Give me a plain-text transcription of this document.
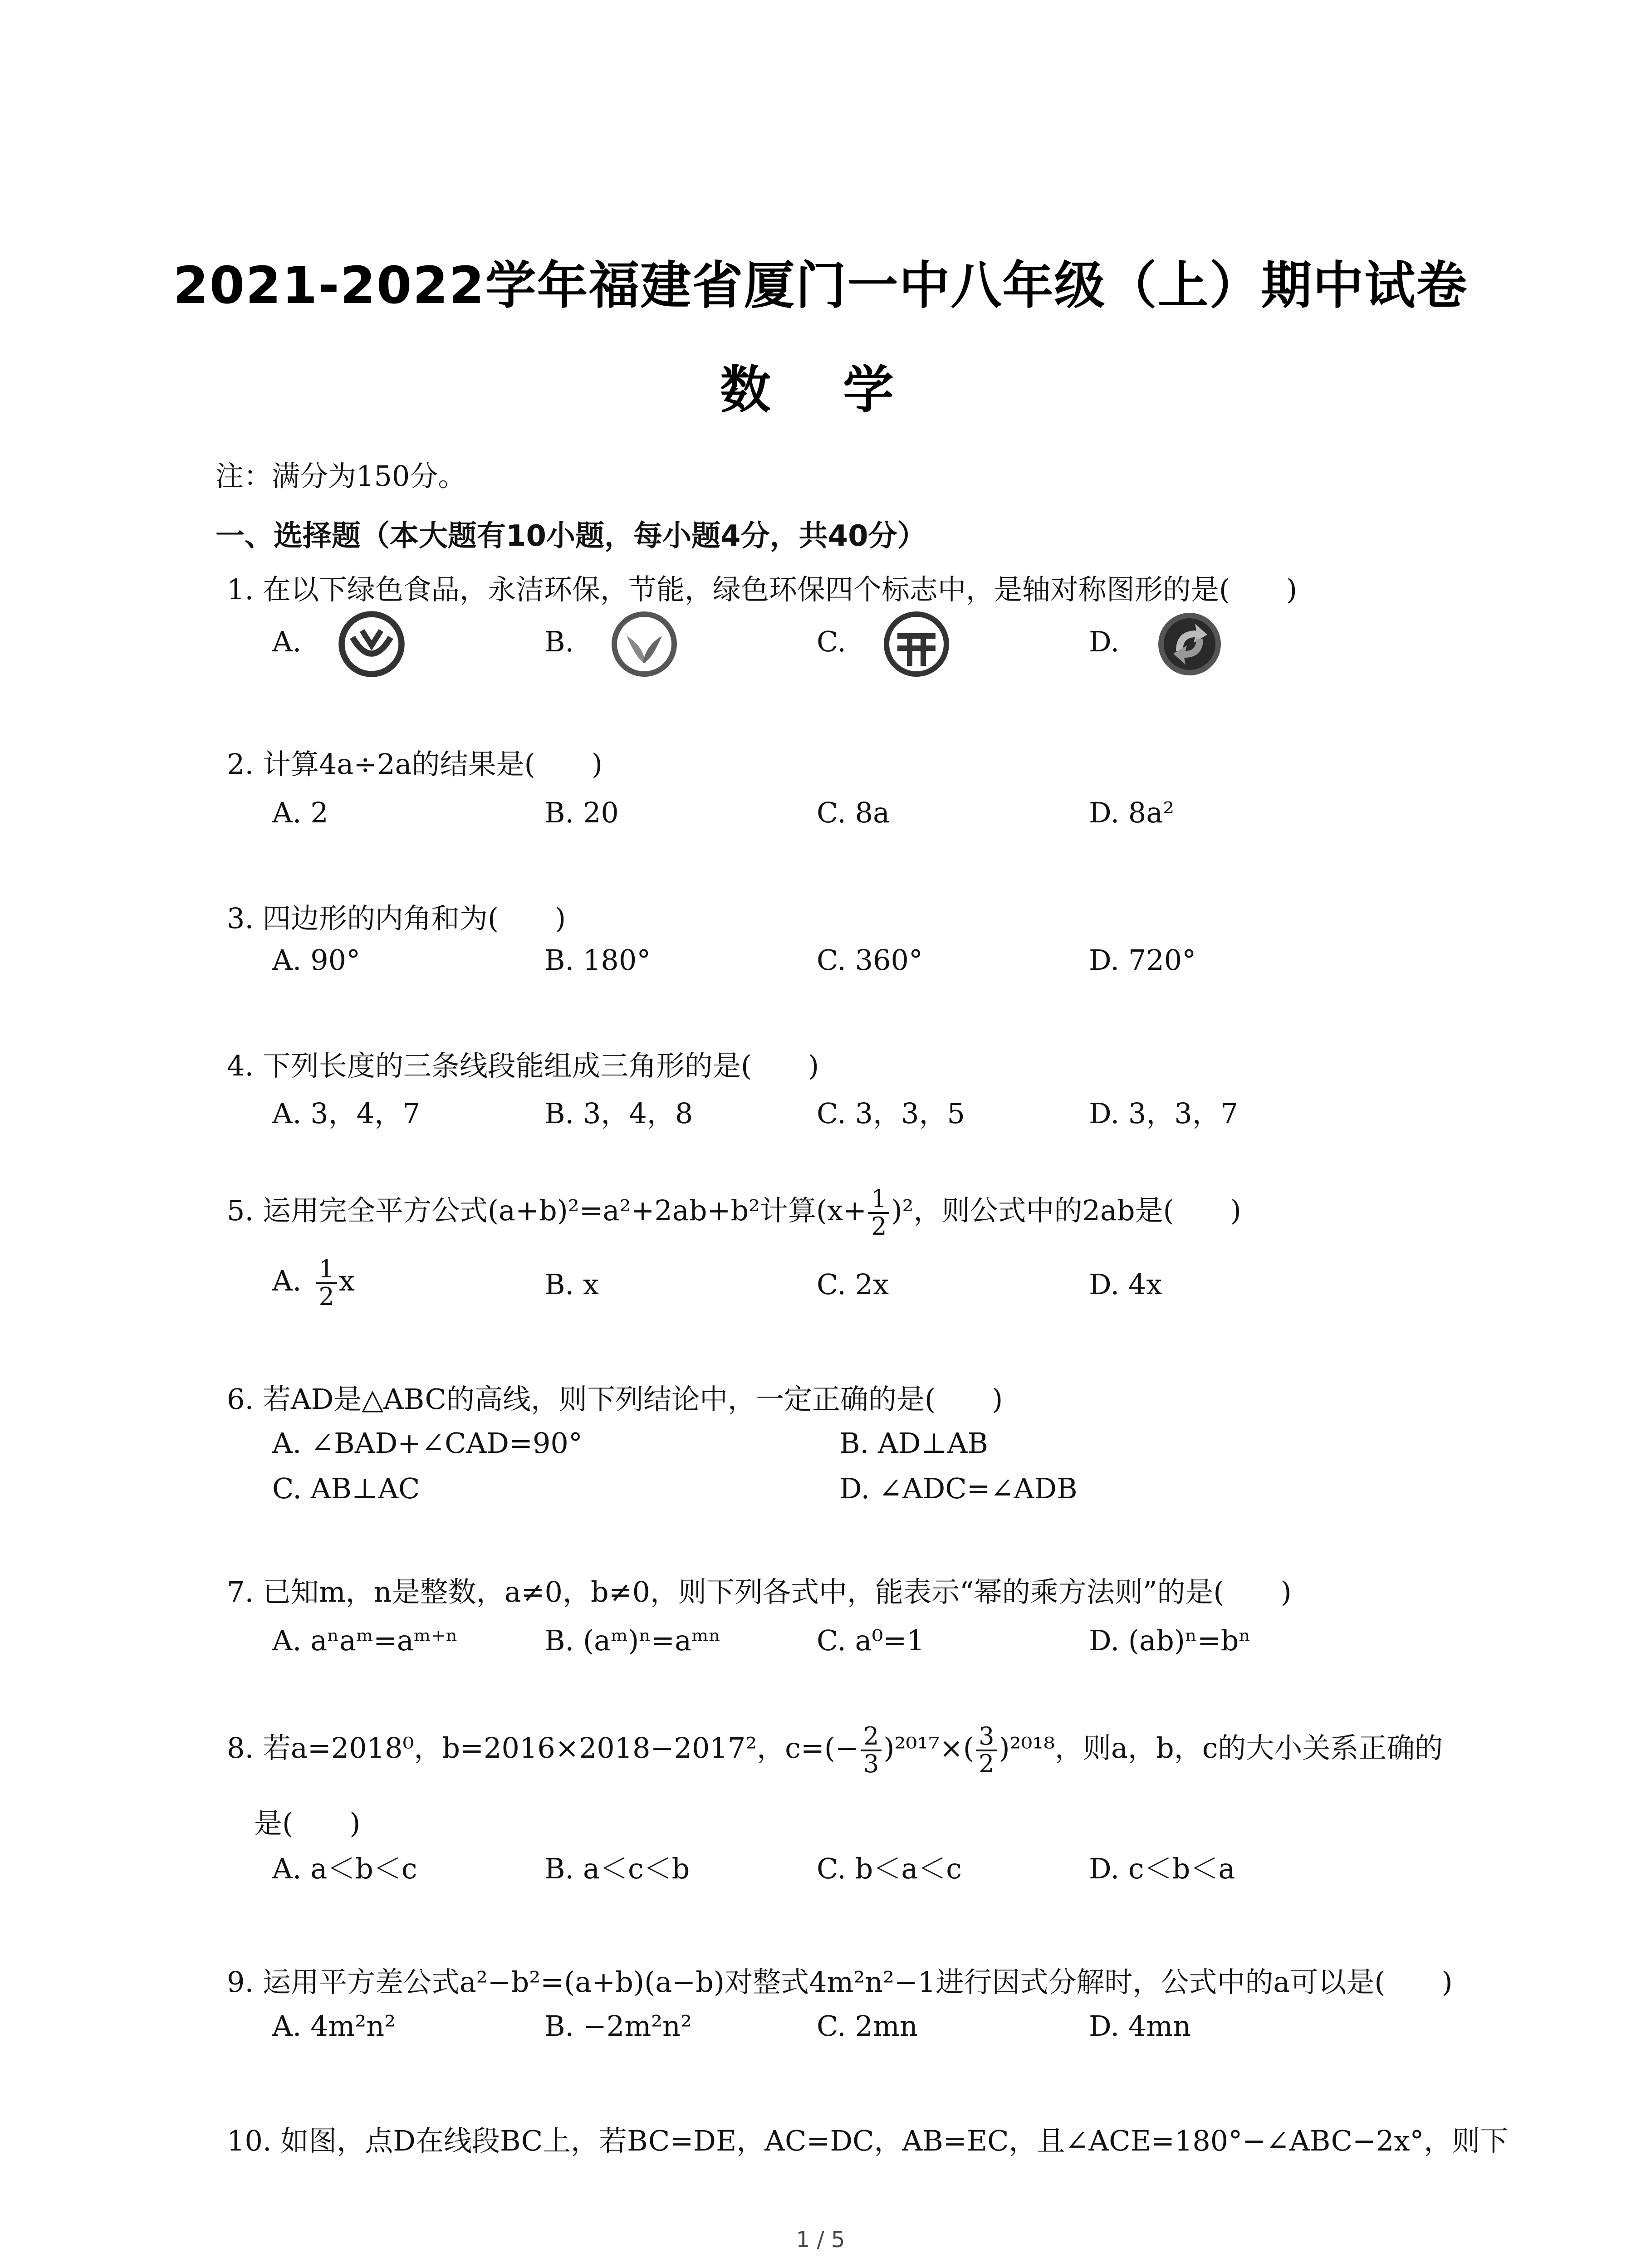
2021-2022学年福建省厦门一中八年级（上）期中试卷
数 学
注：满分为150分。
一、选择题（本大题有10小题，每小题4分，共40分）
1. 在以下绿色食品，永洁环保，节能，绿色环保四个标志中，是轴对称图形的是(　　)
A.	B.	C.	D.
2. 计算4a÷2a的结果是(　　)
A. 2	B. 20	C. 8a	D. 8a²
3. 四边形的内角和为(　　)
A. 90°	B. 180°	C. 360°	D. 720°
4. 下列长度的三条线段能组成三角形的是(　　)
A. 3，4，7	B. 3，4，8	C. 3，3，5	D. 3，3，7
5. 运用完全平方公式(a+b)²=a²+2ab+b²计算$(x+ \frac{1}{2} )^2$，则公式中的2ab是(　　)
A. $\frac{1}{2}$ x	B. x	C. 2x	D. 4x
6. 若AD是△ABC的高线，则下列结论中，一定正确的是(　　)
A. ∠BAD+∠CAD=90°	B. AD⊥AB
C. AB⊥AC	D. ∠ADC=∠ADB
7. 已知m，n是整数，a≠0，b≠0，则下列各式中，能表示“幂的乘方法则”的是(　　)
A. aⁿaᵐ=aᵐ⁺ⁿ	B. (aᵐ)ⁿ=aᵐⁿ	C. a⁰=1	D. (ab)ⁿ=bⁿ
8. 若a=2018⁰，b=2016×2018−2017²，$c=(- \frac{2}{3} )^{2017}\times( \frac{3}{2} )^{2018}$，则a，b，c的大小关系正确的
是(　　)
A. a＜b＜c	B. a＜c＜b	C. b＜a＜c	D. c＜b＜a
9. 运用平方差公式a²−b²=(a+b)(a−b)对整式4m²n²−1进行因式分解时，公式中的a可以是(　　)
A. 4m²n²	B. −2m²n²	C. 2mn	D. 4mn
10. 如图，点D在线段BC上，若BC=DE，AC=DC，AB=EC，且∠ACE=180°−∠ABC−2x°，则下
1 / 5
